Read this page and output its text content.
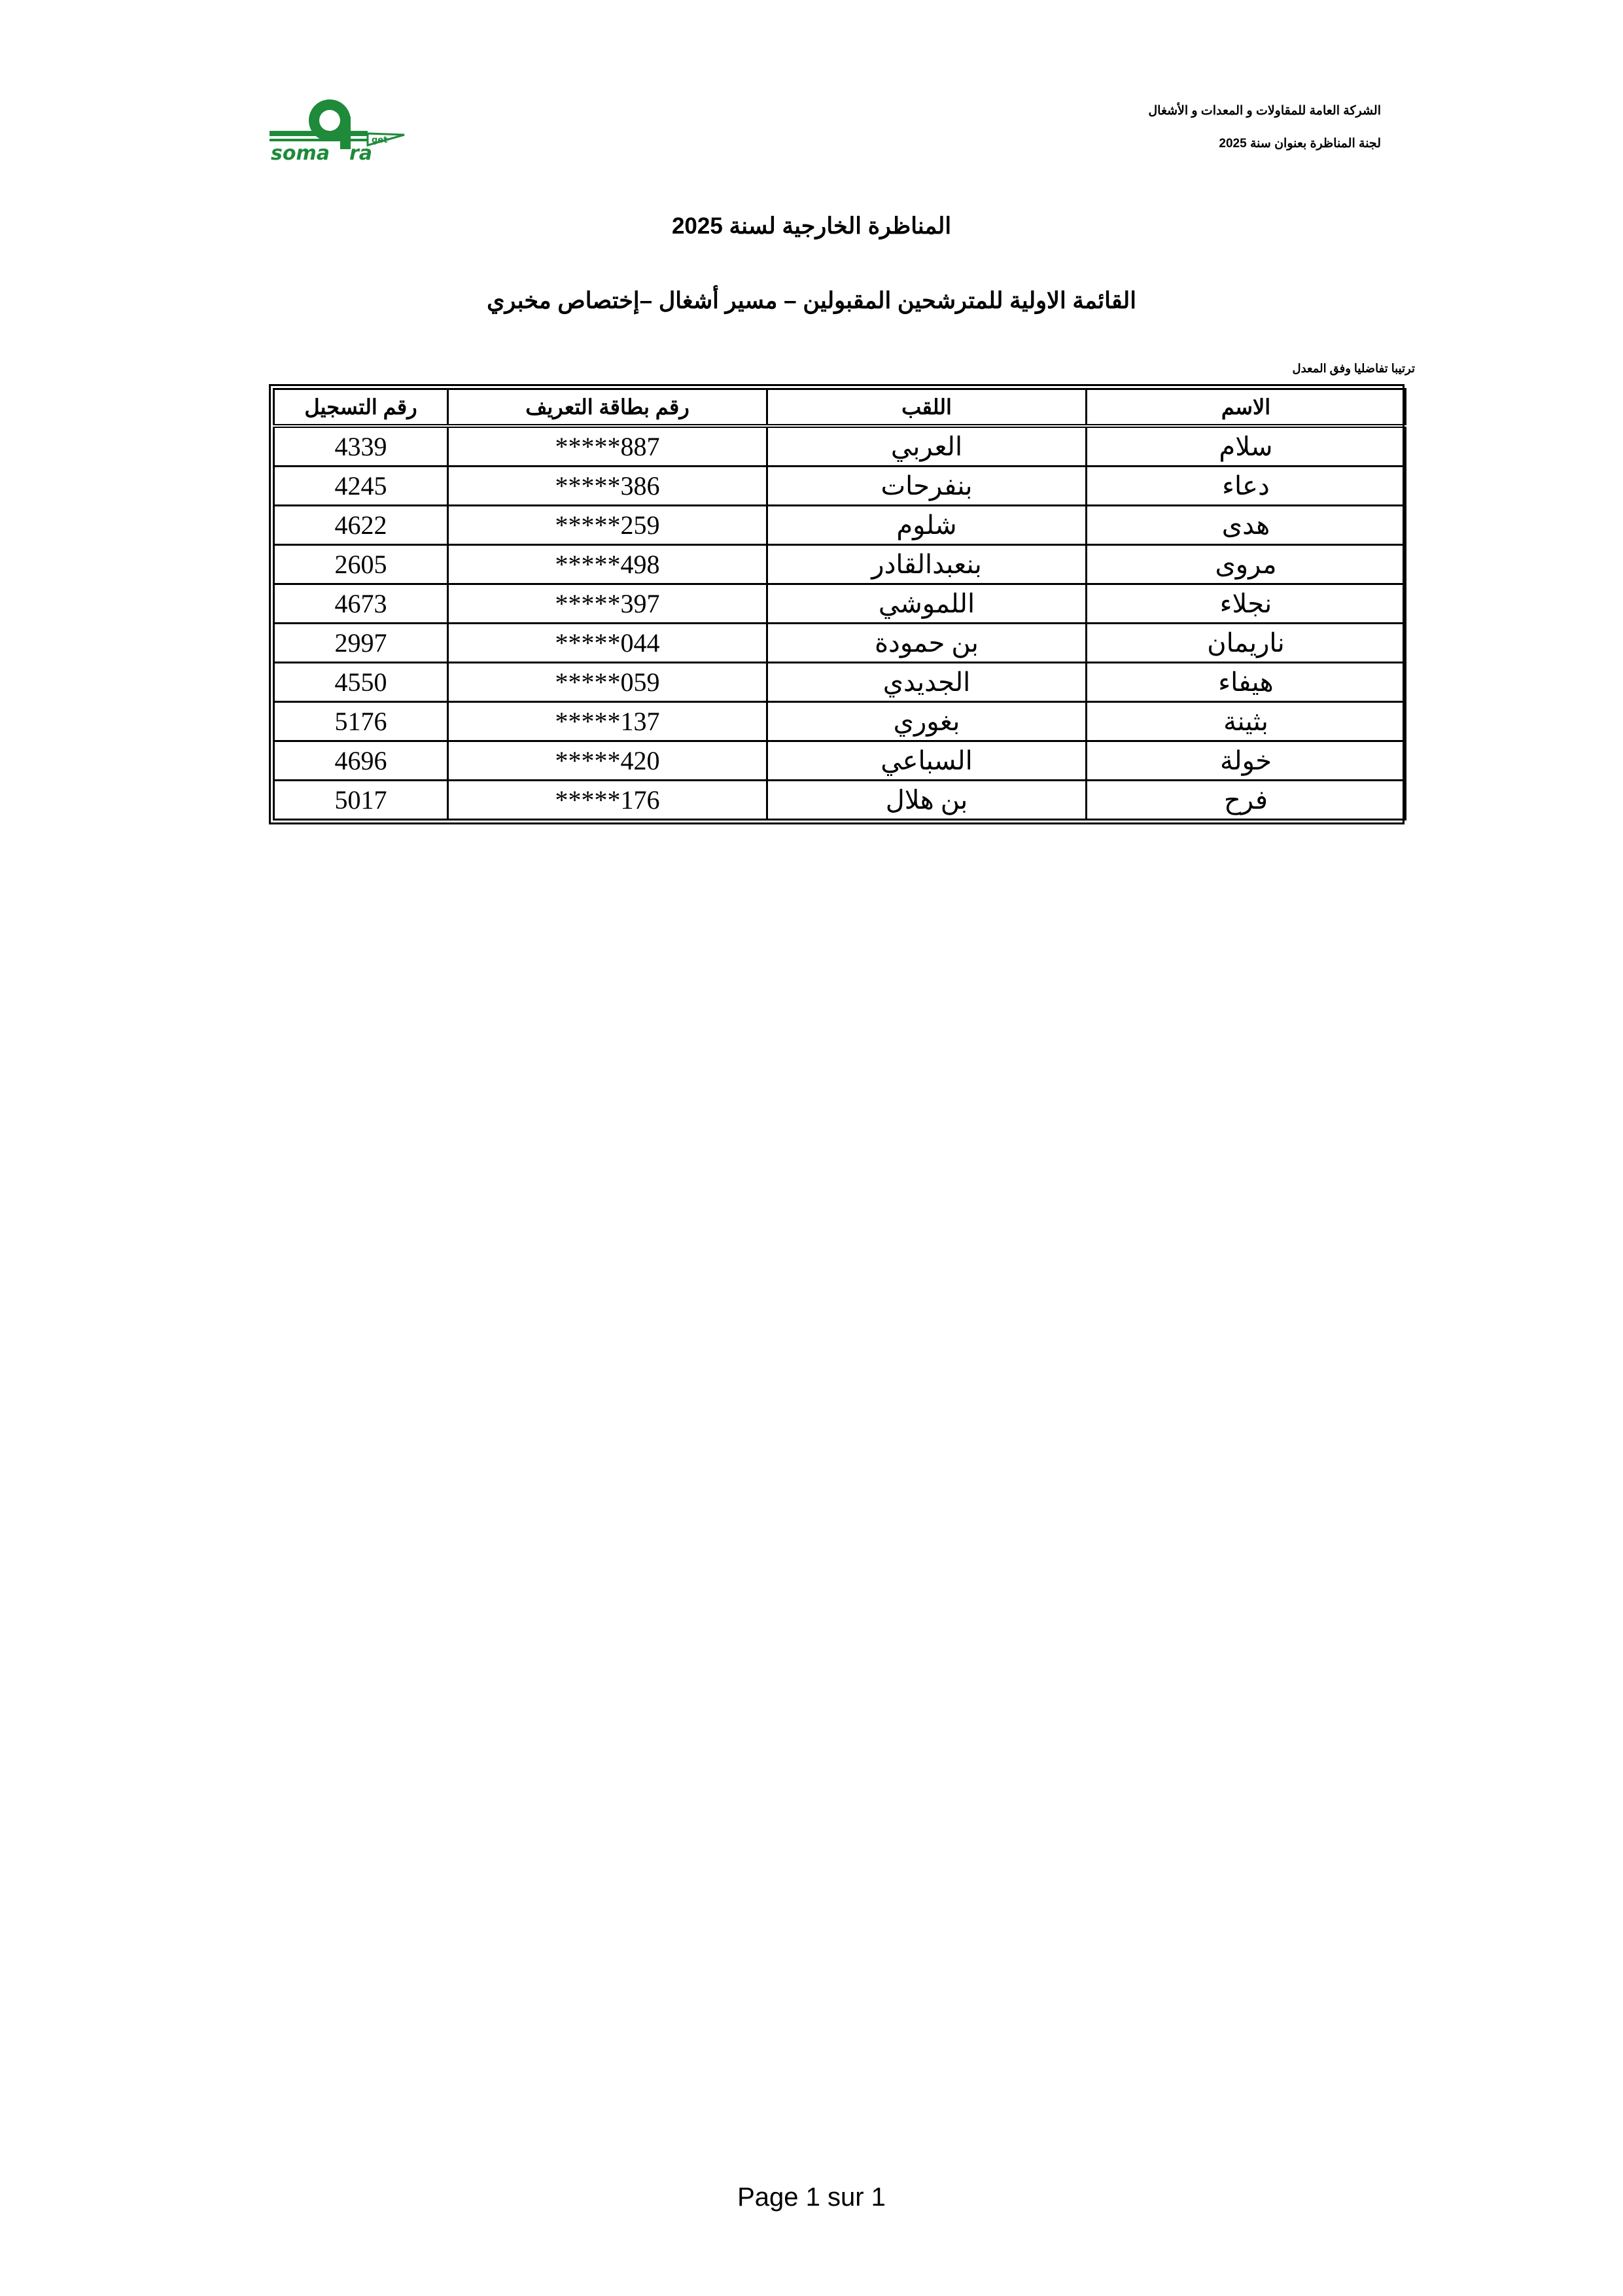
الشركة العامة للمقاولات و المعدات و الأشغال
لجنة المناظرة بعنوان سنة 2025
soma ra
get
المناظرة الخارجية لسنة 2025
القائمة الاولية للمترشحين المقبولين – مسير أشغال –إختصاص مخبري
ترتيبا تفاضليا وفق المعدل
الاسم	اللقب	رقم بطاقة التعريف	رقم التسجيل
سلام	العربي	*****887	4339
دعاء	بنفرحات	*****386	4245
هدى	شلوم	*****259	4622
مروى	بنعبدالقادر	*****498	2605
نجلاء	اللموشي	*****397	4673
ناريمان	بن حمودة	*****044	2997
هيفاء	الجديدي	*****059	4550
بثينة	بغوري	*****137	5176
خولة	السباعي	*****420	4696
فرح	بن هلال	*****176	5017
Page 1 sur 1
